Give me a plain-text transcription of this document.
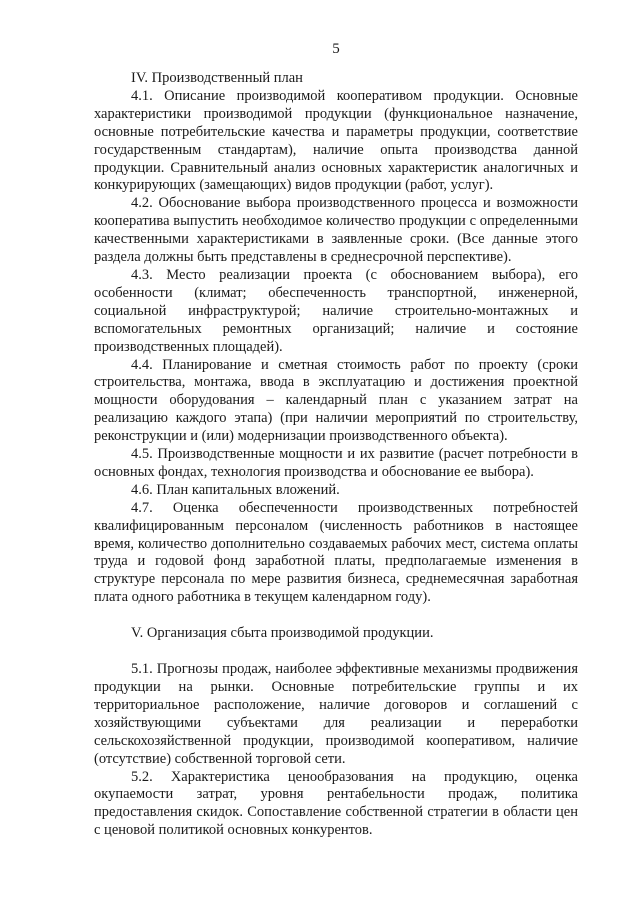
5
IV. Производственный план
4.1. Описание производимой кооперативом продукции. Основные характеристики производимой продукции (функциональное назначение, основные потребительские качества и параметры продукции, соответствие государственным стандартам), наличие опыта производства данной продукции. Сравнительный анализ основных характеристик аналогичных и конкурирующих (замещающих) видов продукции (работ, услуг).
4.2. Обоснование выбора производственного процесса и возможности кооператива выпустить необходимое количество продукции с определенными качественными характеристиками в заявленные сроки. (Все данные этого раздела должны быть представлены в среднесрочной перспективе).
4.3. Место реализации проекта (с обоснованием выбора), его особенности (климат; обеспеченность транспортной, инженерной, социальной инфраструктурой; наличие строительно-монтажных и вспомогательных ремонтных организаций; наличие и состояние производственных площадей).
4.4. Планирование и сметная стоимость работ по проекту (сроки строительства, монтажа, ввода в эксплуатацию и достижения проектной мощности оборудования – календарный план с указанием затрат на реализацию каждого этапа) (при наличии мероприятий по строительству, реконструкции и (или) модернизации производственного объекта).
4.5. Производственные мощности и их развитие (расчет потребности в основных фондах, технология производства и обоснование ее выбора).
4.6. План капитальных вложений.
4.7. Оценка обеспеченности производственных потребностей квалифицированным персоналом (численность работников в настоящее время, количество дополнительно создаваемых рабочих мест, система оплаты труда и годовой фонд заработной платы, предполагаемые изменения в структуре персонала по мере развития бизнеса, среднемесячная заработная плата одного работника в текущем календарном году).
V. Организация сбыта производимой продукции.
5.1. Прогнозы продаж, наиболее эффективные механизмы продвижения продукции на рынки. Основные потребительские группы и их территориальное расположение, наличие договоров и соглашений с хозяйствующими субъектами для реализации и переработки сельскохозяйственной продукции, производимой кооперативом, наличие (отсутствие) собственной торговой сети.
5.2. Характеристика ценообразования на продукцию, оценка окупаемости затрат, уровня рентабельности продаж, политика предоставления скидок. Сопоставление собственной стратегии в области цен с ценовой политикой основных конкурентов.
